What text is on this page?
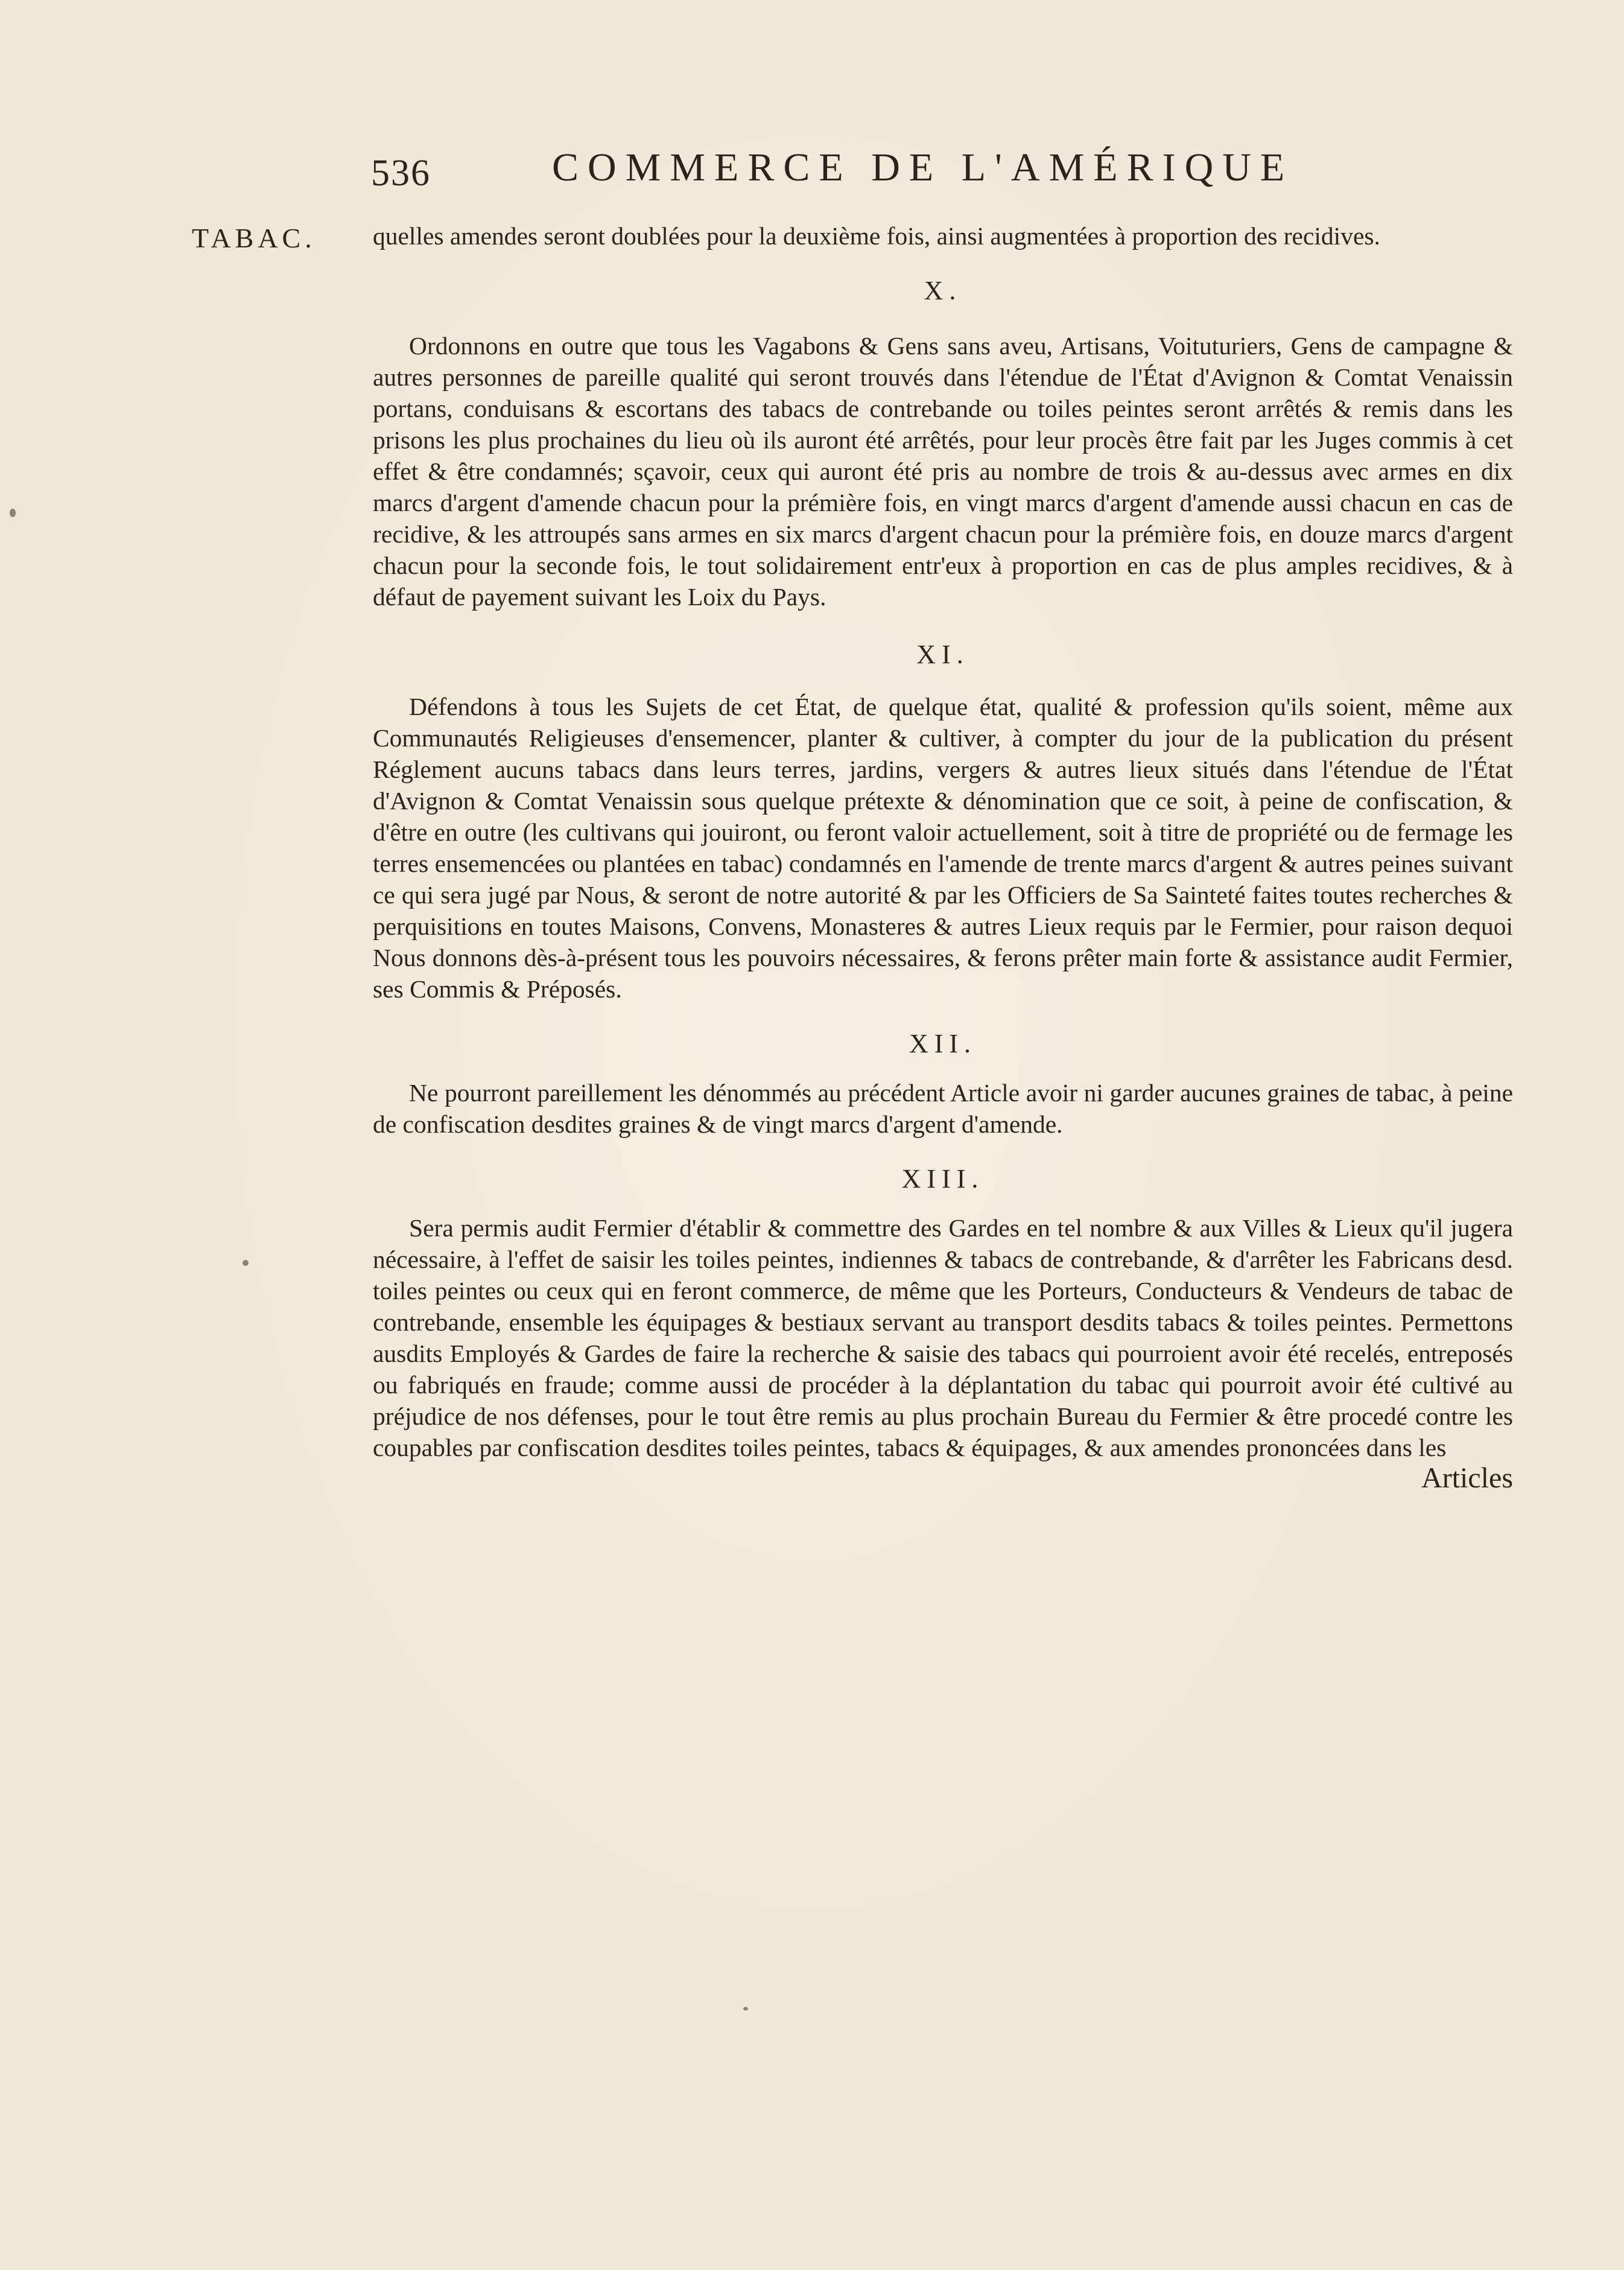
536	COMMERCE DE L'AMÉRIQUE
TABAC. quelles amendes seront doublées pour la deuxième fois, ainsi augmentées à proportion des recidives.

X.

Ordonnons en outre que tous les Vagabons & Gens sans aveu, Artisans, Voituturiers, Gens de campagne & autres personnes de pareille qualité qui seront trouvés dans l'étendue de l'État d'Avignon & Comtat Venaissin portans, conduisans & escortans des tabacs de contrebande ou toiles peintes seront arrêtés & remis dans les prisons les plus prochaines du lieu où ils auront été arrêtés, pour leur procès être fait par les Juges commis à cet effet & être condamnés; sçavoir, ceux qui auront été pris au nombre de trois & au-dessus avec armes en dix marcs d'argent d'amende chacun pour la prémière fois, en vingt marcs d'argent d'amende aussi chacun en cas de recidive, & les attroupés sans armes en six marcs d'argent chacun pour la prémière fois, en douze marcs d'argent chacun pour la seconde fois, le tout solidairement entr'eux à proportion en cas de plus amples recidives, & à défaut de payement suivant les Loix du Pays.

XI.

Défendons à tous les Sujets de cet État, de quelque état, qualité & profession qu'ils soient, même aux Communautés Religieuses d'ensemencer, planter & cultiver, à compter du jour de la publication du présent Réglement aucuns tabacs dans leurs terres, jardins, vergers & autres lieux situés dans l'étendue de l'État d'Avignon & Comtat Venaissin sous quelque prétexte & dénomination que ce soit, à peine de confiscation, & d'être en outre (les cultivans qui jouiront, ou feront valoir actuellement, soit à titre de propriété ou de fermage les terres ensemencées ou plantées en tabac) condamnés en l'amende de trente marcs d'argent & autres peines suivant ce qui sera jugé par Nous, & seront de notre autorité & par les Officiers de Sa Sainteté faites toutes recherches & perquisitions en toutes Maisons, Convens, Monasteres & autres Lieux requis par le Fermier, pour raison dequoi Nous donnons dès-à-présent tous les pouvoirs nécessaires, & ferons prêter main forte & assistance audit Fermier, ses Commis & Préposés.

XII.

Ne pourront pareillement les dénommés au précédent Article avoir ni garder aucunes graines de tabac, à peine de confiscation desdites graines & de vingt marcs d'argent d'amende.

XIII.

Sera permis audit Fermier d'établir & commettre des Gardes en tel nombre & aux Villes & Lieux qu'il jugera nécessaire, à l'effet de saisir les toiles peintes, indiennes & tabacs de contrebande, & d'arrêter les Fabricans desd. toiles peintes ou ceux qui en feront commerce, de même que les Porteurs, Conducteurs & Vendeurs de tabac de contrebande, ensemble les équipages & bestiaux servant au transport desdits tabacs & toiles peintes. Permettons ausdits Employés & Gardes de faire la recherche & saisie des tabacs qui pourroient avoir été recelés, entreposés ou fabriqués en fraude; comme aussi de procéder à la déplantation du tabac qui pourroit avoir été cultivé au préjudice de nos défenses, pour le tout être remis au plus prochain Bureau du Fermier & être procedé contre les coupables par confiscation desdites toiles peintes, tabacs & équipages, & aux amendes prononcées dans les

Articles
